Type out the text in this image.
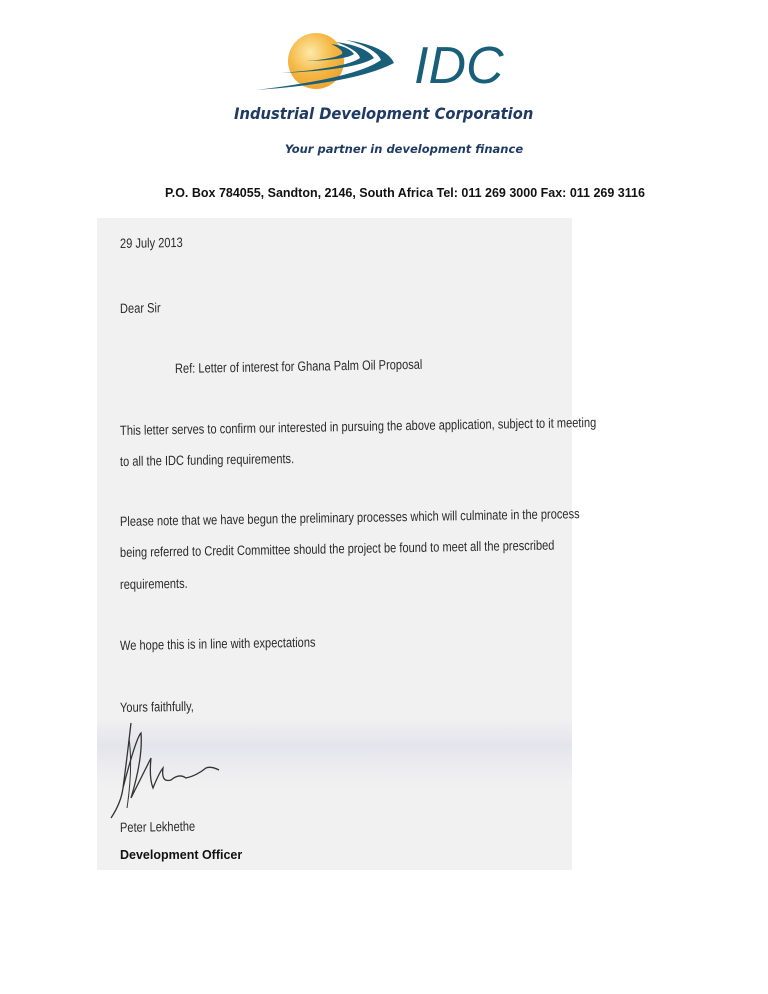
IDC
Industrial Development Corporation
Your partner in development finance
P.O. Box 784055, Sandton, 2146, South Africa Tel: 011 269 3000 Fax: 011 269 3116
29 July 2013
Dear Sir
Ref: Letter of interest for Ghana Palm Oil Proposal
This letter serves to confirm our interested in pursuing the above application, subject to it meeting
to all the IDC funding requirements.
Please note that we have begun the preliminary processes which will culminate in the process
being referred to Credit Committee should the project be found to meet all the prescribed
requirements.
We hope this is in line with expectations
Yours faithfully,
Peter Lekhethe
Development Officer
